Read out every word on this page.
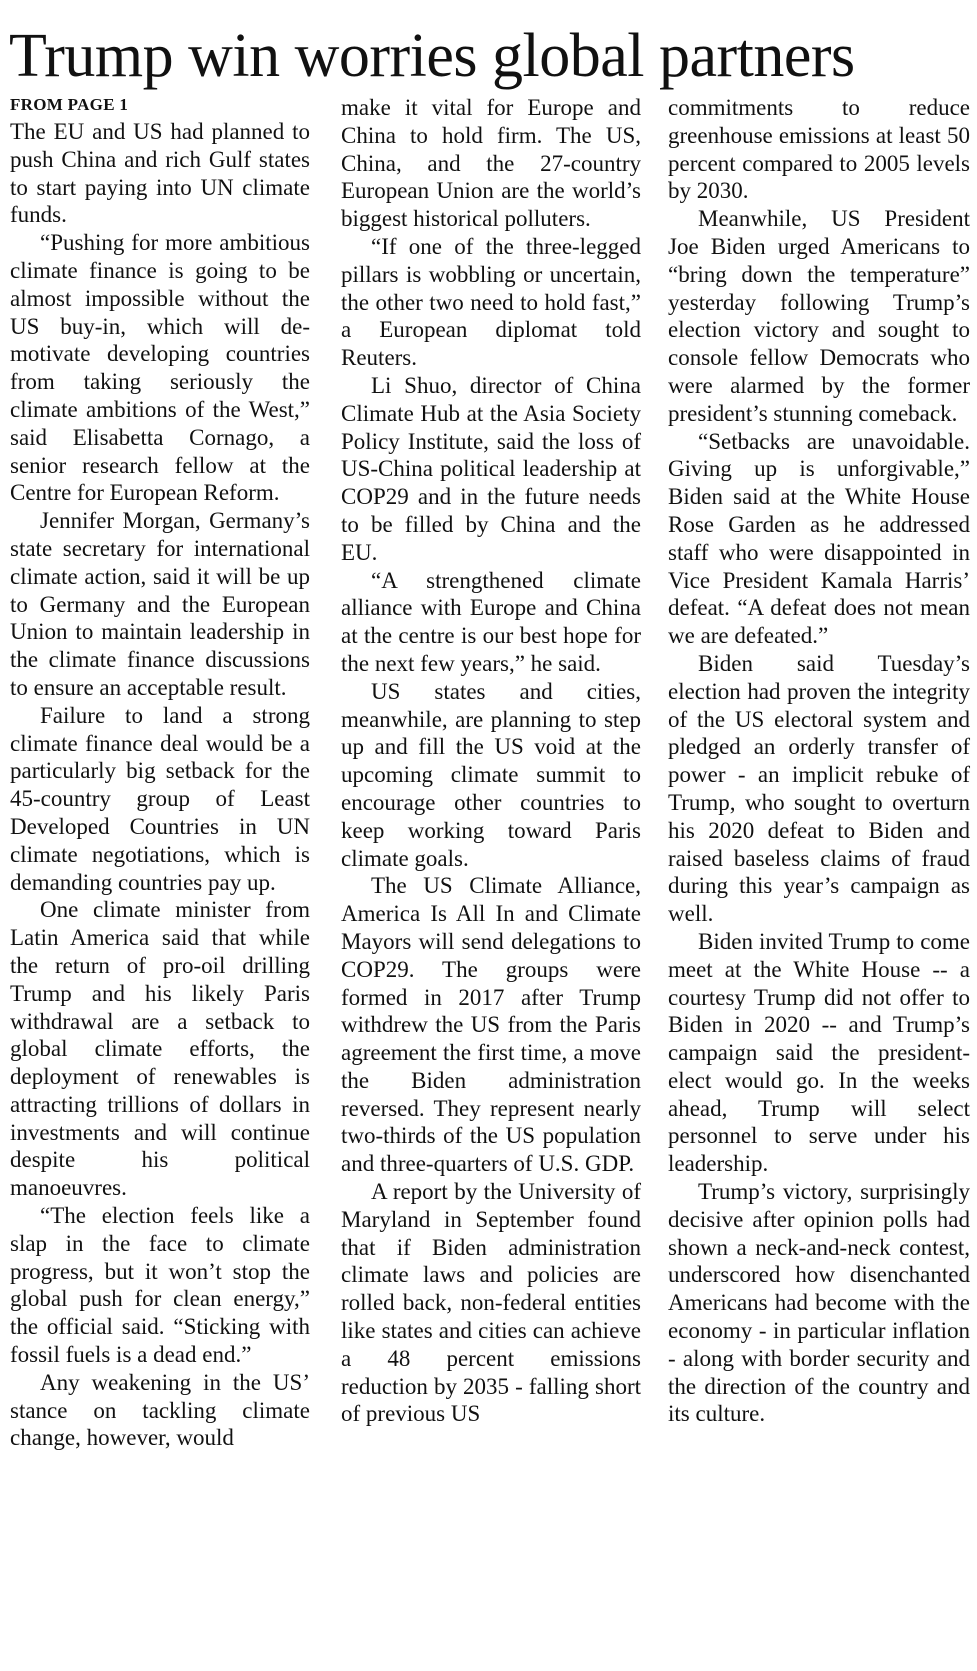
Trump win worries global partners
FROM PAGE 1

The EU and US had planned to push China and rich Gulf states to start paying into UN climate funds.

“Pushing for more ambitious climate finance is going to be almost impossible without the US buy-in, which will de-motivate developing countries from taking seriously the climate ambitions of the West,” said Elisabetta Cornago, a senior research fellow at the Centre for European Reform.

Jennifer Morgan, Germany’s state secretary for international climate action, said it will be up to Germany and the European Union to maintain leadership in the climate finance discussions to ensure an acceptable result.

Failure to land a strong climate finance deal would be a particularly big setback for the 45-country group of Least Developed Countries in UN climate negotiations, which is demanding countries pay up.

One climate minister from Latin America said that while the return of pro-oil drilling Trump and his likely Paris withdrawal are a setback to global climate efforts, the deployment of renewables is attracting trillions of dollars in investments and will continue despite his political manoeuvres.

“The election feels like a slap in the face to climate progress, but it won’t stop the global push for clean energy,” the official said. “Sticking with fossil fuels is a dead end.”

Any weakening in the US’ stance on tackling climate change, however, would

make it vital for Europe and China to hold firm. The US, China, and the 27-country European Union are the world’s biggest historical polluters.

“If one of the three-legged pillars is wobbling or uncertain, the other two need to hold fast,” a European diplomat told Reuters.

Li Shuo, director of China Climate Hub at the Asia Society Policy Institute, said the loss of US-China political leadership at COP29 and in the future needs to be filled by China and the EU.

“A strengthened climate alliance with Europe and China at the centre is our best hope for the next few years,” he said.

US states and cities, meanwhile, are planning to step up and fill the US void at the upcoming climate summit to encourage other countries to keep working toward Paris climate goals.

The US Climate Alliance, America Is All In and Climate Mayors will send delegations to COP29. The groups were formed in 2017 after Trump withdrew the US from the Paris agreement the first time, a move the Biden administration reversed. They represent nearly two-thirds of the US population and three-quarters of U.S. GDP.

A report by the University of Maryland in September found that if Biden administration climate laws and policies are rolled back, non-federal entities like states and cities can achieve a 48 percent emissions reduction by 2035 - falling short of previous US

commitments to reduce greenhouse emissions at least 50 percent compared to 2005 levels by 2030.

Meanwhile, US President Joe Biden urged Americans to “bring down the temperature” yesterday following Trump’s election victory and sought to console fellow Democrats who were alarmed by the former president’s stunning comeback.

“Setbacks are unavoidable. Giving up is unforgivable,” Biden said at the White House Rose Garden as he addressed staff who were disappointed in Vice President Kamala Harris’ defeat. “A defeat does not mean we are defeated.”

Biden said Tuesday’s election had proven the integrity of the US electoral system and pledged an orderly transfer of power - an implicit rebuke of Trump, who sought to overturn his 2020 defeat to Biden and raised baseless claims of fraud during this year’s campaign as well.

Biden invited Trump to come meet at the White House -- a courtesy Trump did not offer to Biden in 2020 -- and Trump’s campaign said the president-elect would go. In the weeks ahead, Trump will select personnel to serve under his leadership.

Trump’s victory, surprisingly decisive after opinion polls had shown a neck-and-neck contest, underscored how disenchanted Americans had become with the economy - in particular inflation - along with border security and the direction of the country and its culture.
